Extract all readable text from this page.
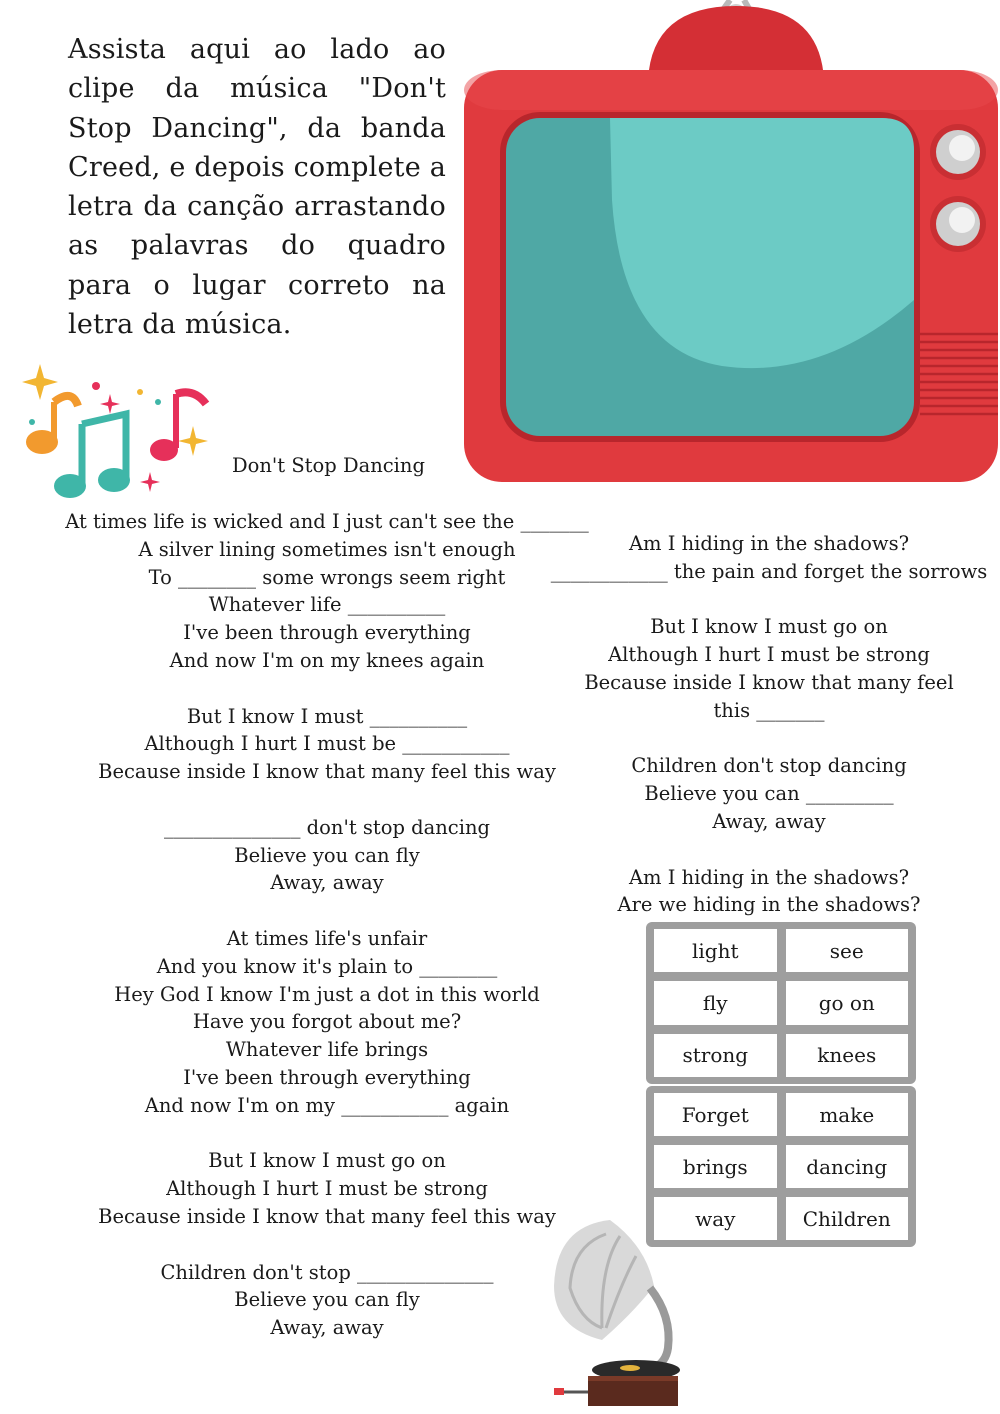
Assista aqui ao lado ao clipe da música "Don't Stop Dancing", da banda Creed, e depois complete a letra da canção arrastando as palavras do quadro para o lugar correto na letra da música.
Don't Stop Dancing
At times life is wicked and I just can't see the _______
A silver lining sometimes isn't enough
To ________ some wrongs seem right
Whatever life __________
I've been through everything
And now I'm on my knees again
But I know I must __________
Although I hurt I must be ___________
Because inside I know that many feel this way
______________ don't stop dancing
Believe you can fly
Away, away
At times life's unfair
And you know it's plain to ________
Hey God I know I'm just a dot in this world
Have you forgot about me?
Whatever life brings
I've been through everything
And now I'm on my ___________ again
But I know I must go on
Although I hurt I must be strong
Because inside I know that many feel this way
Children don't stop ______________
Believe you can fly
Away, away
Am I hiding in the shadows?
____________ the pain and forget the sorrows
But I know I must go on
Although I hurt I must be strong
Because inside I know that many feel
this _______
Children don't stop dancing
Believe you can _________
Away, away
Am I hiding in the shadows?
Are we hiding in the shadows?
light	see
fly	go on
strong	knees
Forget	make
brings	dancing
way	Children
